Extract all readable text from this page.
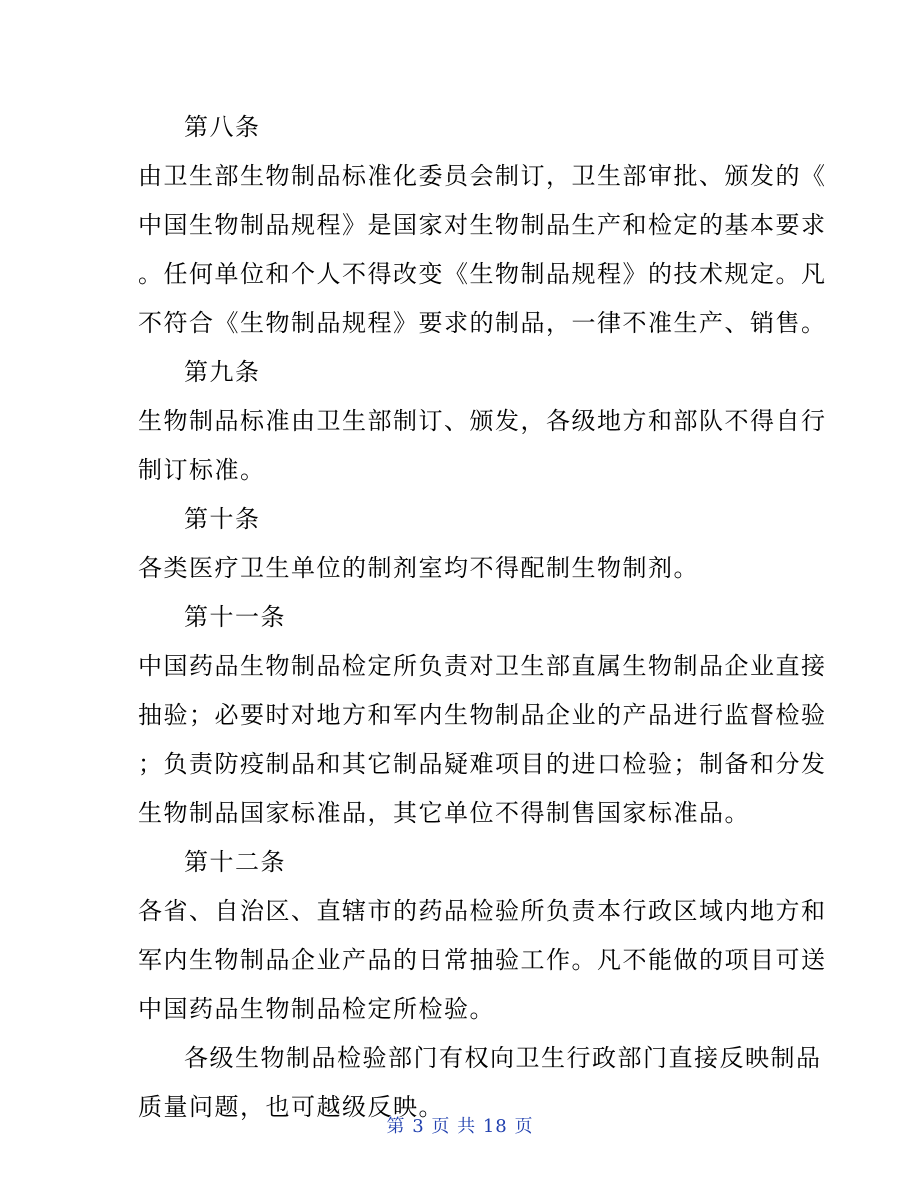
第八条
由卫生部生物制品标准化委员会制订，卫生部审批、颁发的《
中国生物制品规程》是国家对生物制品生产和检定的基本要求
。任何单位和个人不得改变《生物制品规程》的技术规定。凡
不符合《生物制品规程》要求的制品，一律不准生产、销售。
第九条
生物制品标准由卫生部制订、颁发，各级地方和部队不得自行
制订标准。
第十条
各类医疗卫生单位的制剂室均不得配制生物制剂。
第十一条
中国药品生物制品检定所负责对卫生部直属生物制品企业直接
抽验；必要时对地方和军内生物制品企业的产品进行监督检验
；负责防疫制品和其它制品疑难项目的进口检验；制备和分发
生物制品国家标准品，其它单位不得制售国家标准品。
第十二条
各省、自治区、直辖市的药品检验所负责本行政区域内地方和
军内生物制品企业产品的日常抽验工作。凡不能做的项目可送
中国药品生物制品检定所检验。
各级生物制品检验部门有权向卫生行政部门直接反映制品
质量问题，也可越级反映。
第 3 页 共 18 页
